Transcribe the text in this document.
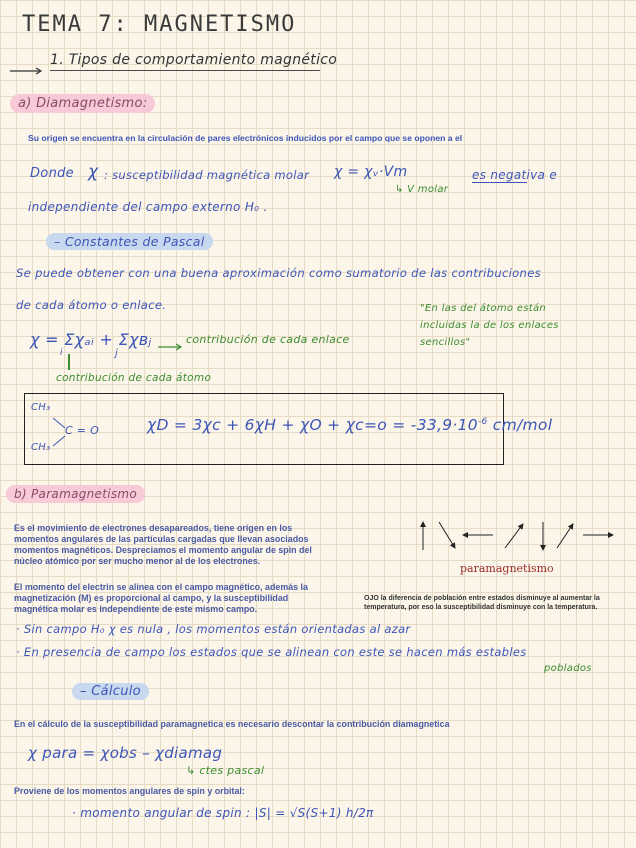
TEMA 7: MAGNETISMO
1. Tipos de comportamiento magnético
a) Diamagnetismo:
Su origen se encuentra en la circulación de pares electrónicos inducidos por el campo que se oponen a el
Donde χ : susceptibilidad magnética molar χ = χᵥ·Vm
↳ V molar
es negativa e
independiente del campo externo H₀ .
– Constantes de Pascal
Se puede obtener con una buena aproximación como sumatorio de las contribuciones
de cada átomo o enlace.	"En las del átomo están incluidas la de los enlaces sencillos"
χ = Σχₐᵢ + Σχʙⱼ
i	j
contribución de cada enlace
contribución de cada átomo
CH₃
C = O
CH₃
$\chi D = 3\chi c + 6\chi H + \chi O + \chi c=o = -33,9\cdot 10^{-6}$ cm/mol
b) Paramagnetismo
Es el movimiento de electrones desapareados, tiene origen en los momentos angulares de las partículas cargadas que llevan asociados momentos magnéticos. Despreciamos el momento angular de spin del núcleo atómico por ser mucho menor al de los electrones.
El momento del electrin se alinea con el campo magnético, además la magnetización (M) es proporcional al campo, y la susceptibilidad magnética molar es independiente de este mismo campo.
paramagnetismo
OJO la diferencia de población entre estados disminuye al aumentar la temperatura, por eso la susceptibilidad disminuye con la temperatura.
· Sin campo H₀ χ es nula , los momentos están orientadas al azar
· En presencia de campo los estados que se alinean con este se hacen más estables
poblados
– Cálculo
En el cálculo de la susceptibilidad paramagnetica es necesario descontar la contribución diamagnetica
χ para = χobs – χdiamag
↳ ctes pascal
Proviene de los momentos angulares de spin y orbital:
· momento angular de spin : |S| = √S(S+1) h/2π
